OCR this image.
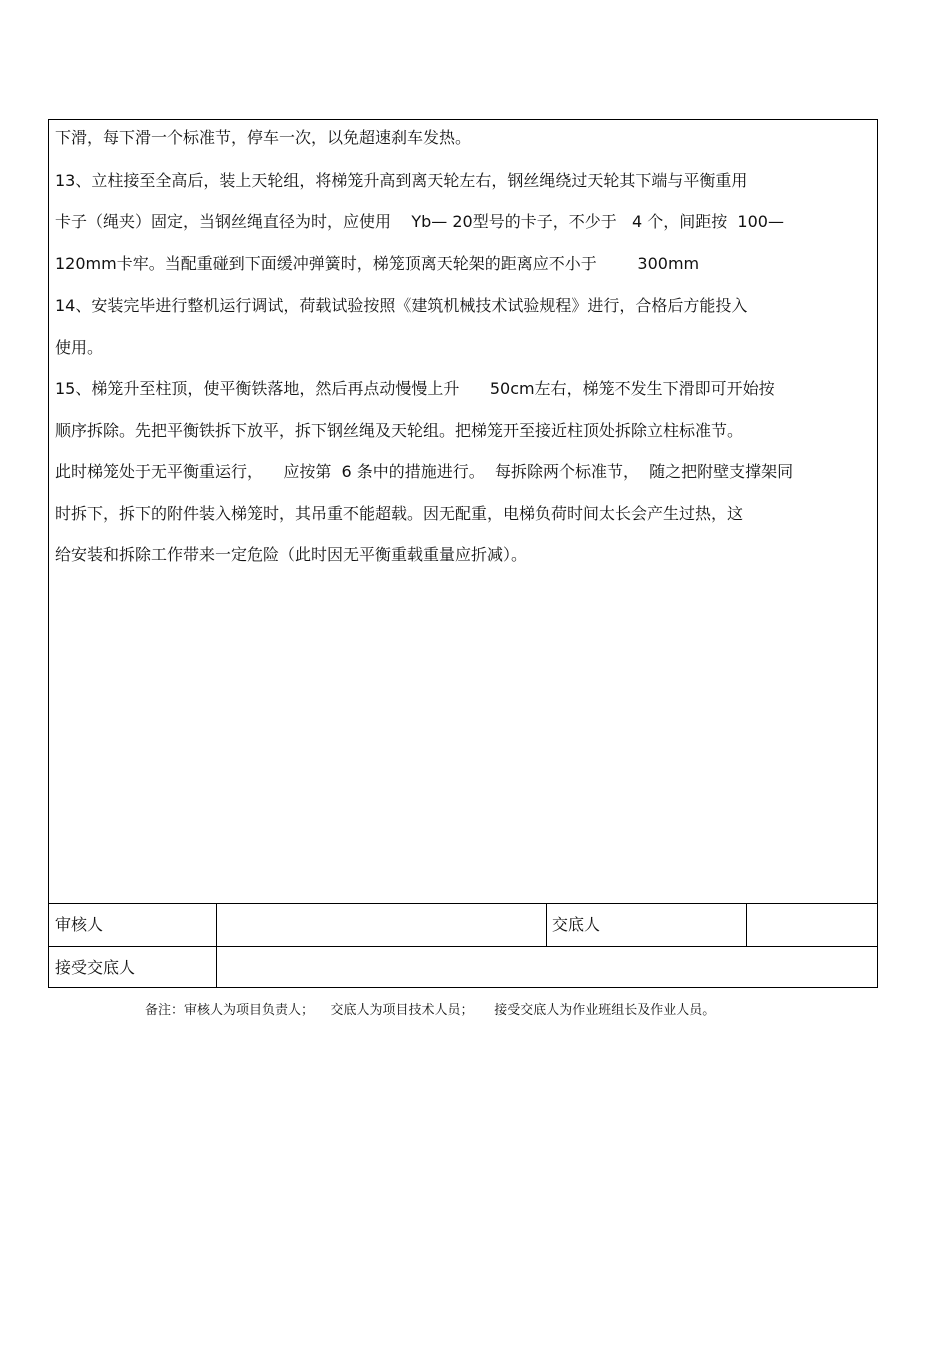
下滑，每下滑一个标准节，停车一次，以免超速刹车发热。
13、立柱接至全高后，装上天轮组，将梯笼升高到离天轮左右，钢丝绳绕过天轮其下端与平衡重用
卡子（绳夹）固定，当钢丝绳直径为时，应使用    Yb— 20型号的卡子，不少于   4 个，间距按  100—
120mm卡牢。当配重碰到下面缓冲弹簧时，梯笼顶离天轮架的距离应不小于        300mm
14、安装完毕进行整机运行调试，荷载试验按照《建筑机械技术试验规程》进行，合格后方能投入
使用。
15、梯笼升至柱顶，使平衡铁落地，然后再点动慢慢上升      50cm左右，梯笼不发生下滑即可开始按
顺序拆除。先把平衡铁拆下放平，拆下钢丝绳及天轮组。把梯笼开至接近柱顶处拆除立柱标准节。
此时梯笼处于无平衡重运行，    应按第  6 条中的措施进行。  每拆除两个标准节，  随之把附壁支撑架同
时拆下，拆下的附件装入梯笼时，其吊重不能超载。因无配重，电梯负荷时间太长会产生过热，这
给安装和拆除工作带来一定危险（此时因无平衡重载重量应折减）。
审核人	交底人
接受交底人
备注：审核人为项目负责人；    交底人为项目技术人员；     接受交底人为作业班组长及作业人员。
